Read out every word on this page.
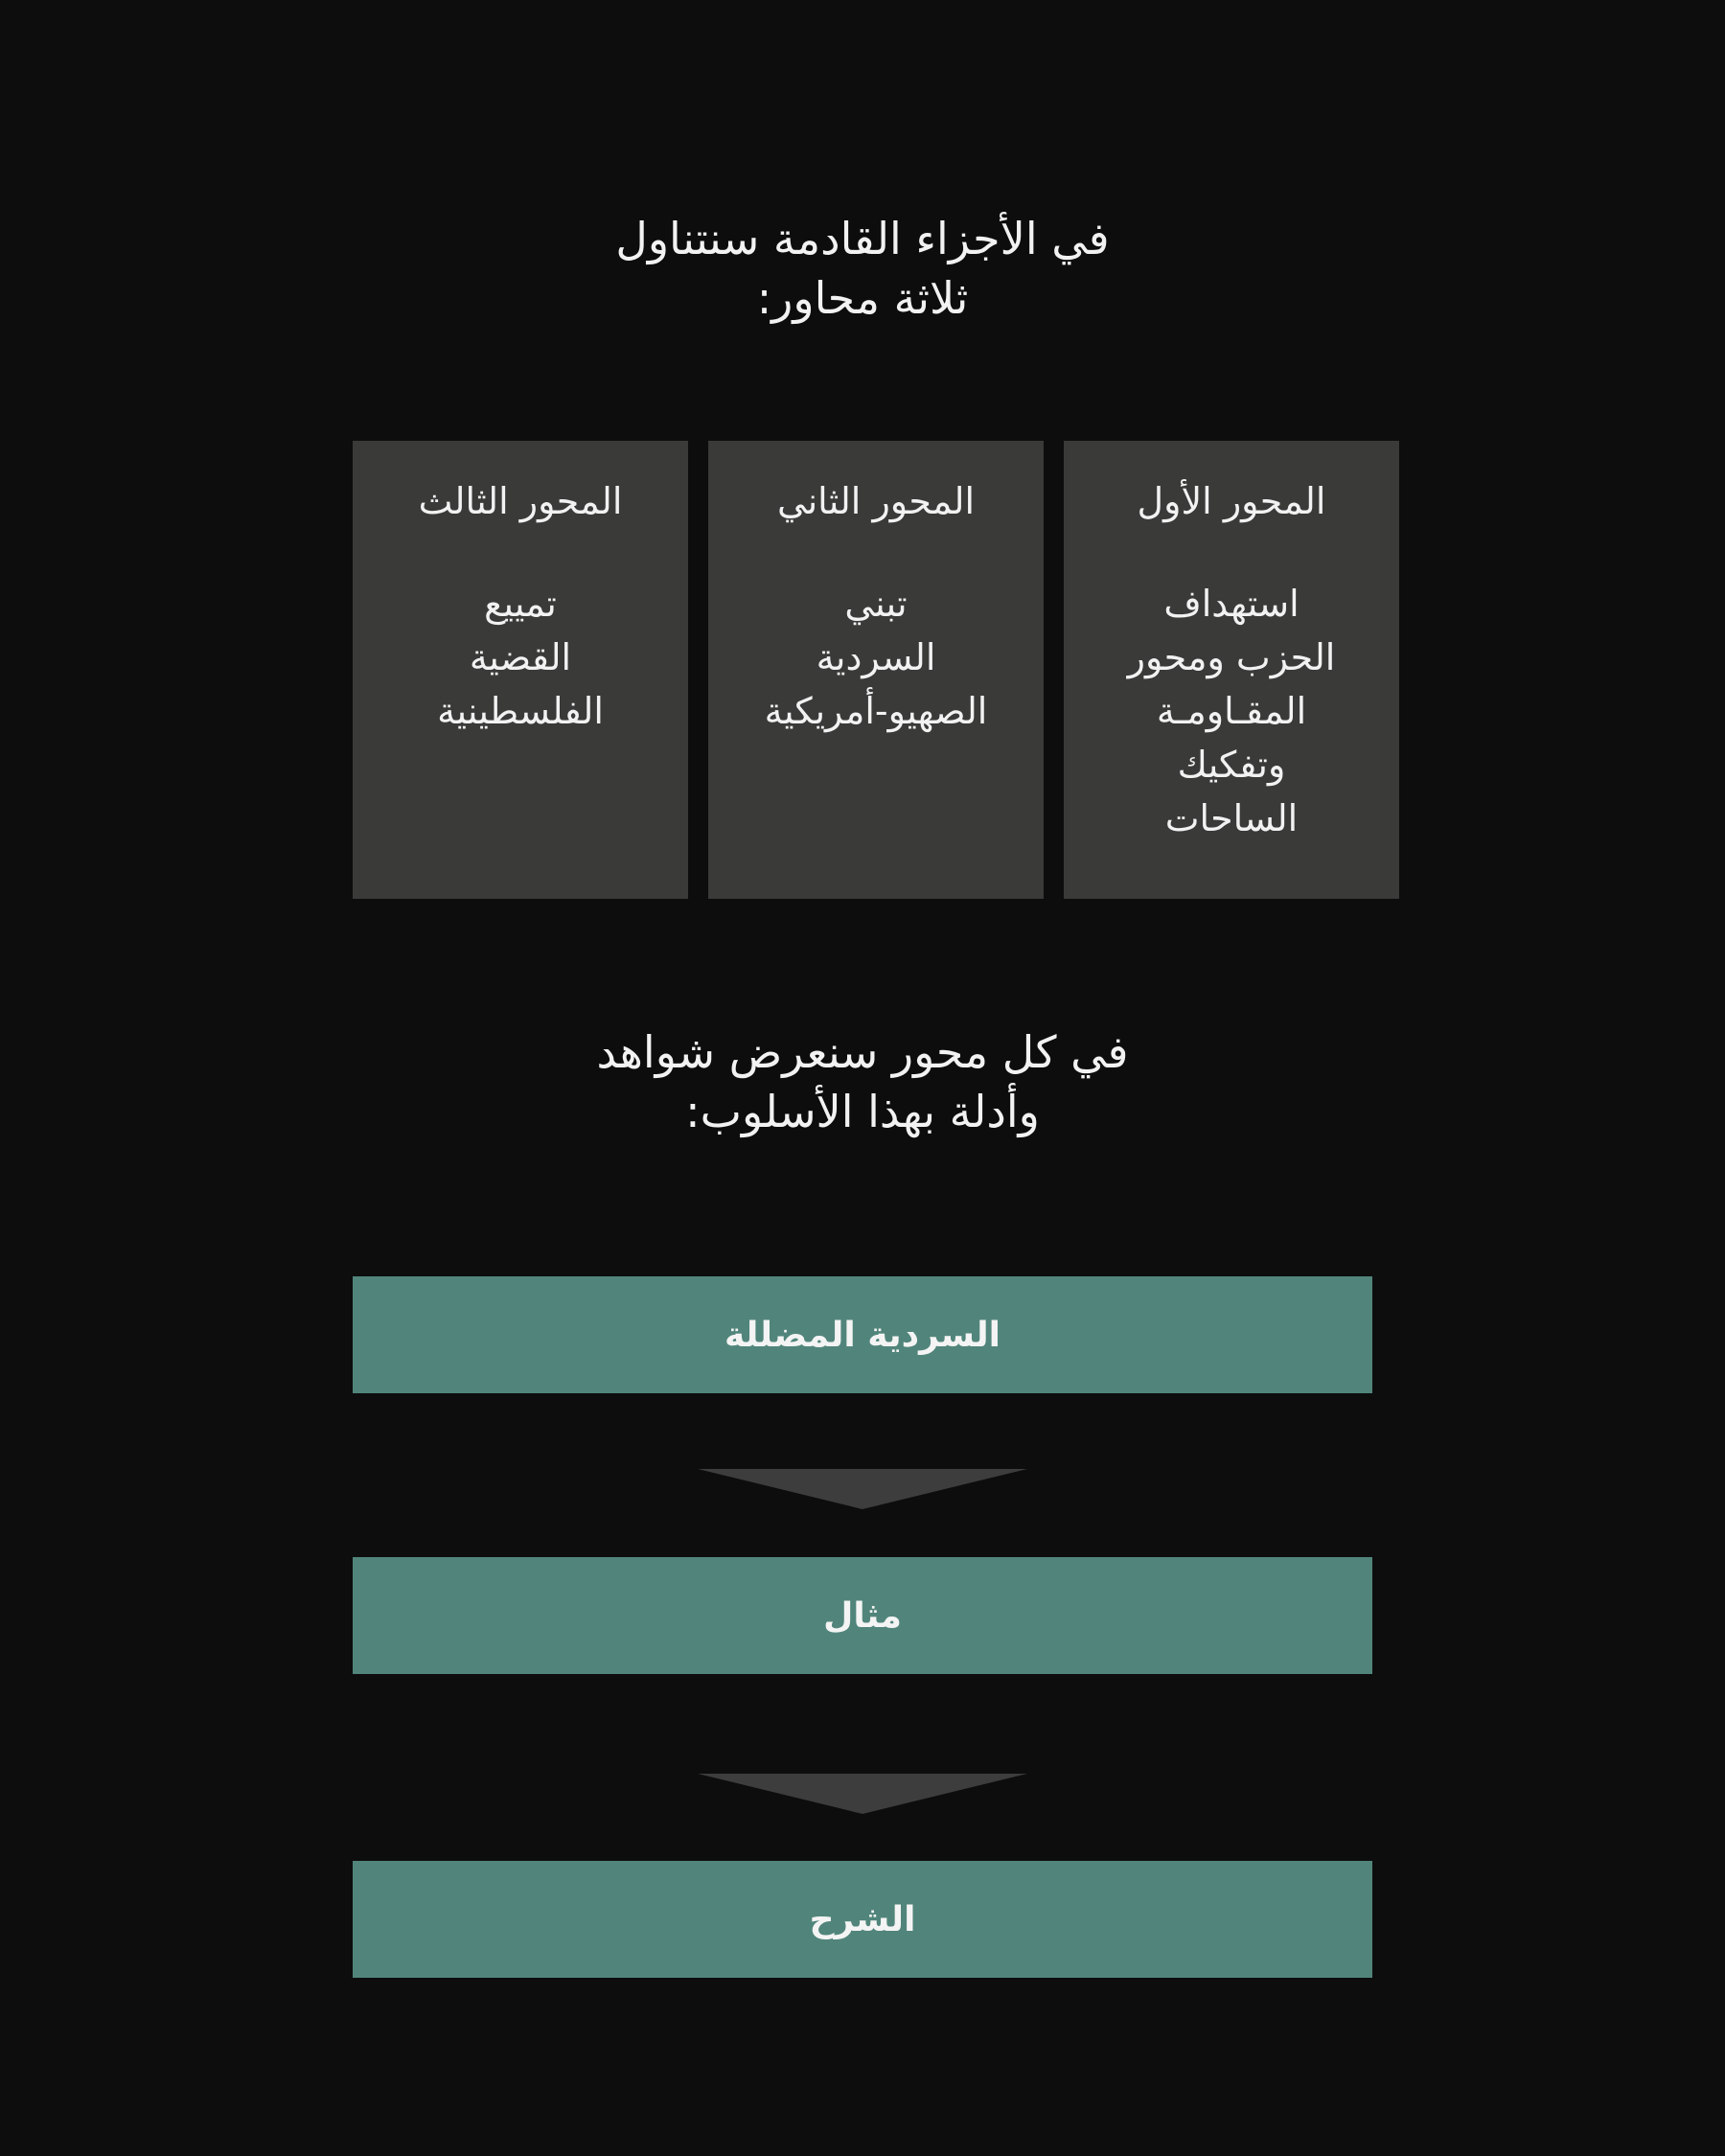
في الأجزاء القادمة سنتناول
ثلاثة محاور:
المحور الأول
استهداف
الحزب ومحور
المقـاومـة
وتفكيك
الساحات
المحور الثاني
تبني
السردية
الصهيو-أمريكية
المحور الثالث
تمييع
القضية
الفلسطينية
في كل محور سنعرض شواهد
وأدلة بهذا الأسلوب:
السردية المضللة
مثال
الشرح
